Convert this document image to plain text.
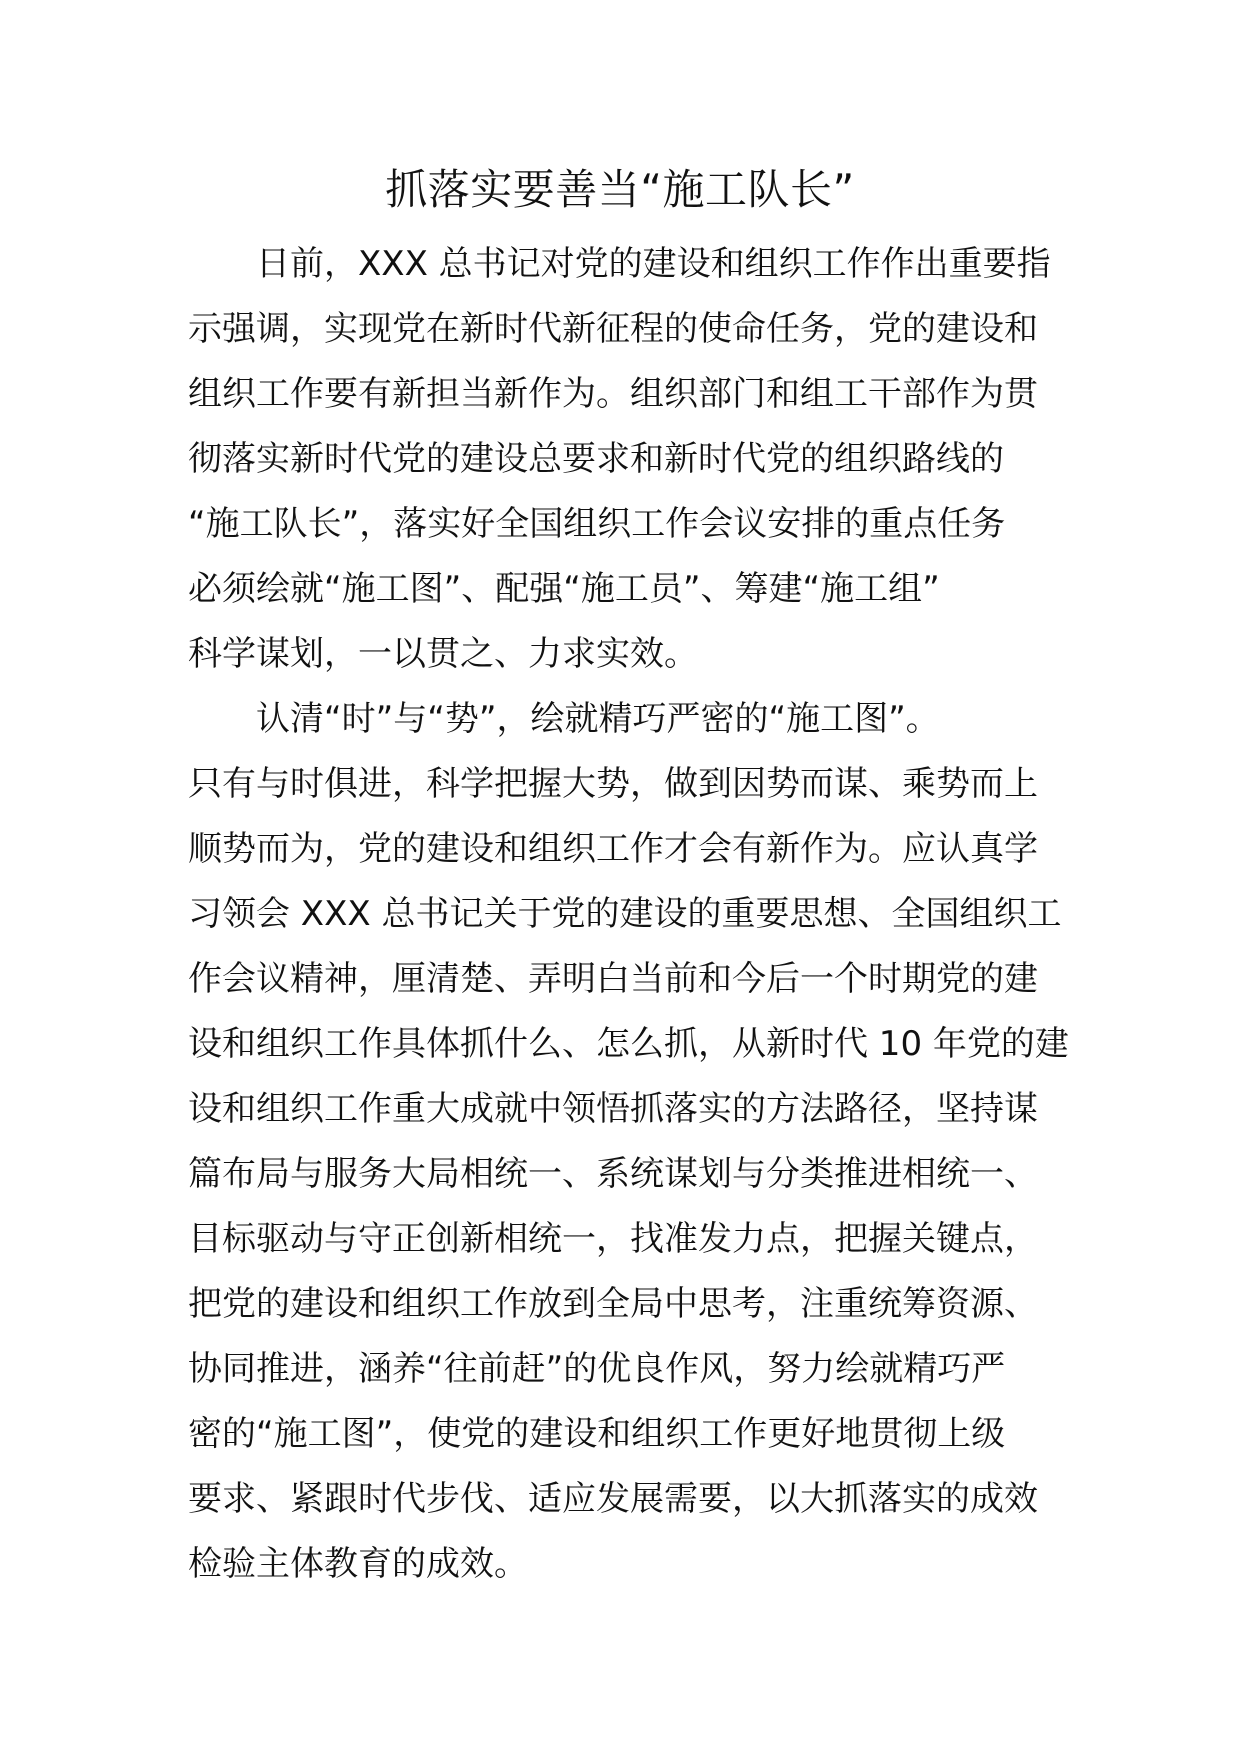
抓落实要善当“施工队长”
　　日前，XXX 总书记对党的建设和组织工作作出重要指
示强调，实现党在新时代新征程的使命任务，党的建设和
组织工作要有新担当新作为。组织部门和组工干部作为贯
彻落实新时代党的建设总要求和新时代党的组织路线的
“施工队长”，落实好全国组织工作会议安排的重点任务
必须绘就“施工图”、配强“施工员”、筹建“施工组”
科学谋划，一以贯之、力求实效。
　　认清“时”与“势”，绘就精巧严密的“施工图”。
只有与时俱进，科学把握大势，做到因势而谋、乘势而上
顺势而为，党的建设和组织工作才会有新作为。应认真学
习领会 XXX 总书记关于党的建设的重要思想、全国组织工
作会议精神，厘清楚、弄明白当前和今后一个时期党的建
设和组织工作具体抓什么、怎么抓，从新时代 10 年党的建
设和组织工作重大成就中领悟抓落实的方法路径，坚持谋
篇布局与服务大局相统一、系统谋划与分类推进相统一、
目标驱动与守正创新相统一，找准发力点，把握关键点，
把党的建设和组织工作放到全局中思考，注重统筹资源、
协同推进，涵养“往前赶”的优良作风，努力绘就精巧严
密的“施工图”，使党的建设和组织工作更好地贯彻上级
要求、紧跟时代步伐、适应发展需要，以大抓落实的成效
检验主体教育的成效。
